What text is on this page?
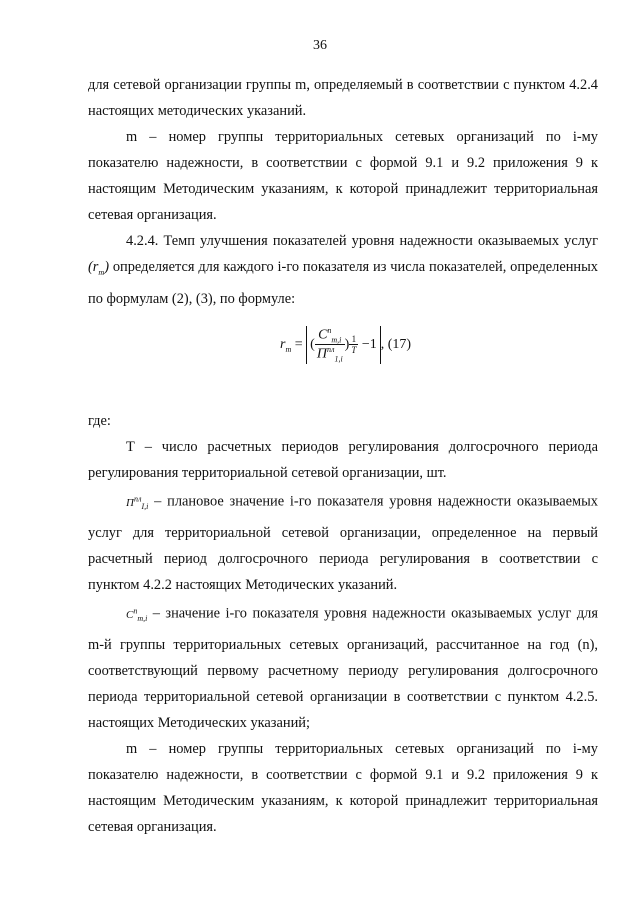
36

для сетевой организации группы m, определяемый в соответствии с пунктом 4.2.4 настоящих методических указаний.

m – номер группы территориальных сетевых организаций по i-му показателю надежности, в соответствии с формой 9.1 и 9.2 приложения 9 к настоящим Методическим указаниям, к которой принадлежит территориальная сетевая организация.

4.2.4. Темп улучшения показателей уровня надежности оказываемых услуг $(r_m)$ определяется для каждого i-го показателя из числа показателей, определенных по формулам (2), (3), по формуле:

$r_m$ = ( $\frac{C^n_{m,i}}{П^{пл}_{1,i}}$ ) $\frac{1}{T} -1$ , (17)

где:

Т – число расчетных периодов регулирования долгосрочного периода регулирования территориальной сетевой организации, шт.

$П^{пл}_{I,i}$ – плановое значение i-го показателя уровня надежности оказываемых услуг для территориальной сетевой организации, определенное на первый расчетный период долгосрочного периода регулирования в соответствии с пунктом 4.2.2 настоящих Методических указаний.

$C^n_{m,i}$ – значение i-го показателя уровня надежности оказываемых услуг для m-й группы территориальных сетевых организаций, рассчитанное на год (n), соответствующий первому расчетному периоду регулирования долгосрочного периода территориальной сетевой организации в соответствии с пунктом 4.2.5. настоящих Методических указаний;

m – номер группы территориальных сетевых организаций по i-му показателю надежности, в соответствии с формой 9.1 и 9.2 приложения 9 к настоящим Методическим указаниям, к которой принадлежит территориальная сетевая организация.
